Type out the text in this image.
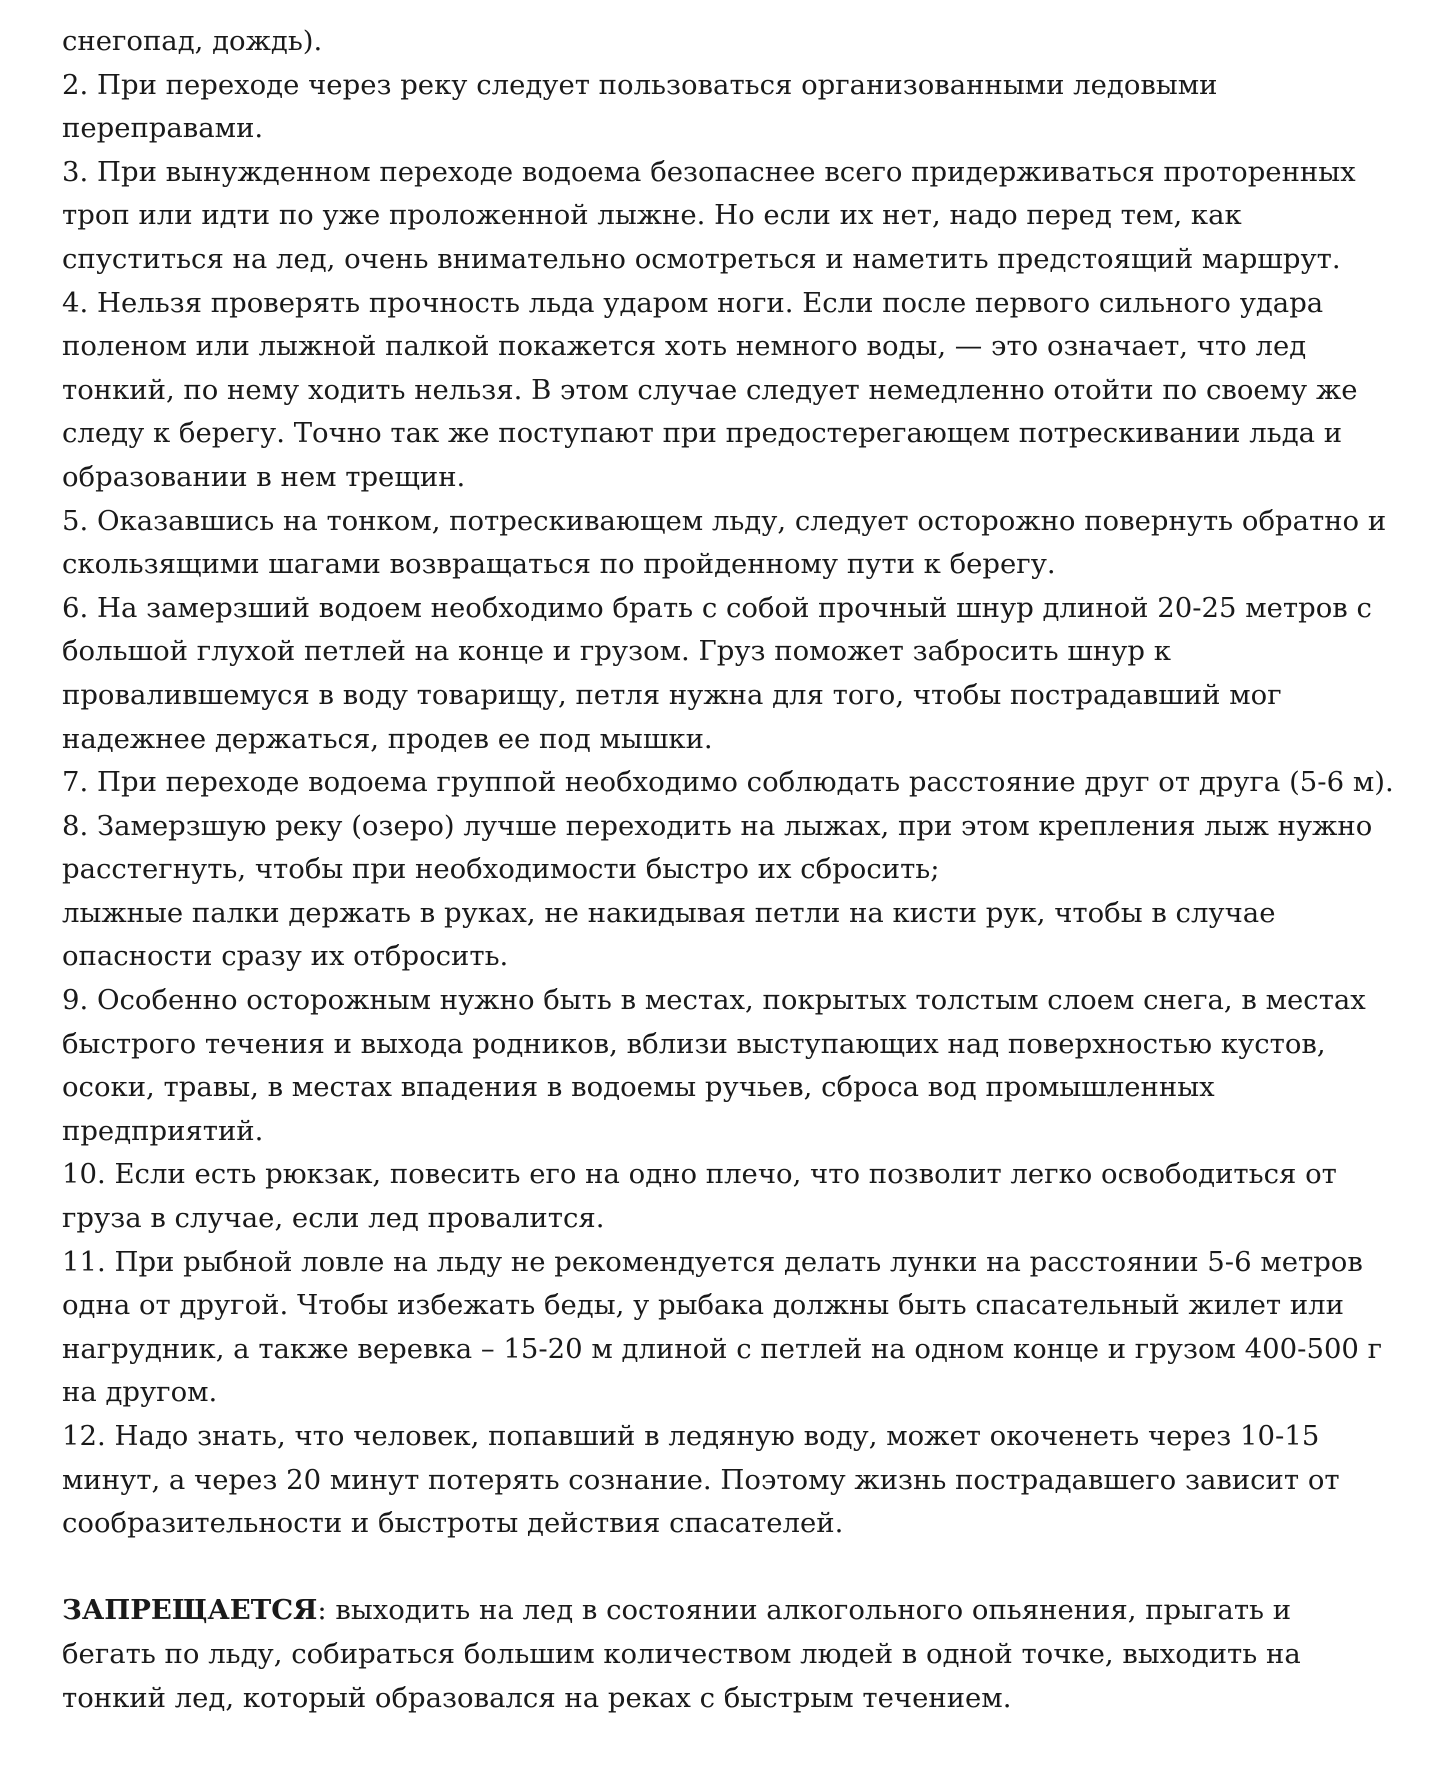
снегопад, дождь).
2. При переходе через реку следует пользоваться организованными ледовыми
переправами.
3. При вынужденном переходе водоема безопаснее всего придерживаться проторенных
троп или идти по уже проложенной лыжне. Но если их нет, надо перед тем, как
спуститься на лед, очень внимательно осмотреться и наметить предстоящий маршрут.
4. Нельзя проверять прочность льда ударом ноги. Если после первого сильного удара
поленом или лыжной палкой покажется хоть немного воды, — это означает, что лед
тонкий, по нему ходить нельзя. В этом случае следует немедленно отойти по своему же
следу к берегу. Точно так же поступают при предостерегающем потрескивании льда и
образовании в нем трещин.
5. Оказавшись на тонком, потрескивающем льду, следует осторожно повернуть обратно и
скользящими шагами возвращаться по пройденному пути к берегу.
6. На замерзший водоем необходимо брать с собой прочный шнур длиной 20-25 метров с
большой глухой петлей на конце и грузом. Груз поможет забросить шнур к
провалившемуся в воду товарищу, петля нужна для того, чтобы пострадавший мог
надежнее держаться, продев ее под мышки.
7. При переходе водоема группой необходимо соблюдать расстояние друг от друга (5-6 м).
8. Замерзшую реку (озеро) лучше переходить на лыжах, при этом крепления лыж нужно
расстегнуть, чтобы при необходимости быстро их сбросить;
лыжные палки держать в руках, не накидывая петли на кисти рук, чтобы в случае
опасности сразу их отбросить.
9. Особенно осторожным нужно быть в местах, покрытых толстым слоем снега, в местах
быстрого течения и выхода родников, вблизи выступающих над поверхностью кустов,
осоки, травы, в местах впадения в водоемы ручьев, сброса вод промышленных
предприятий.
10. Если есть рюкзак, повесить его на одно плечо, что позволит легко освободиться от
груза в случае, если лед провалится.
11. При рыбной ловле на льду не рекомендуется делать лунки на расстоянии 5-6 метров
одна от другой. Чтобы избежать беды, у рыбака должны быть спасательный жилет или
нагрудник, а также веревка – 15-20 м длиной с петлей на одном конце и грузом 400-500 г
на другом.
12. Надо знать, что человек, попавший в ледяную воду, может окоченеть через 10-15
минут, а через 20 минут потерять сознание. Поэтому жизнь пострадавшего зависит от
сообразительности и быстроты действия спасателей.
ЗАПРЕЩАЕТСЯ: выходить на лед в состоянии алкогольного опьянения, прыгать и
бегать по льду, собираться большим количеством людей в одной точке, выходить на
тонкий лед, который образовался на реках с быстрым течением.
